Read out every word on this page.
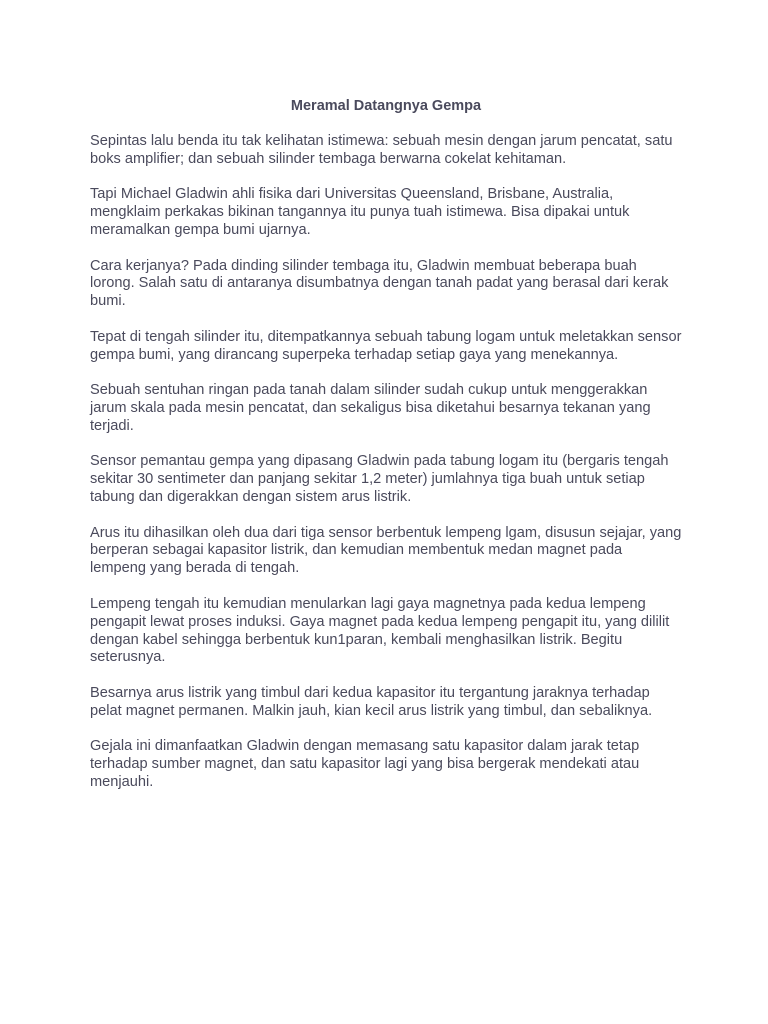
Meramal Datangnya Gempa

Sepintas lalu benda itu tak kelihatan istimewa: sebuah mesin dengan jarum pencatat, satu boks amplifier; dan sebuah silinder tembaga berwarna cokelat kehitaman.

Tapi Michael Gladwin ahli fisika dari Universitas Queensland, Brisbane, Australia, mengklaim perkakas bikinan tangannya itu punya tuah istimewa. Bisa dipakai untuk meramalkan gempa bumi ujarnya.

Cara kerjanya? Pada dinding silinder tembaga itu, Gladwin membuat beberapa buah lorong. Salah satu di antaranya disumbatnya dengan tanah padat yang berasal dari kerak bumi.

Tepat di tengah silinder itu, ditempatkannya sebuah tabung logam untuk meletakkan sensor gempa bumi, yang dirancang superpeka terhadap setiap gaya yang menekannya.

Sebuah sentuhan ringan pada tanah dalam silinder sudah cukup untuk menggerakkan jarum skala pada mesin pencatat, dan sekaligus bisa diketahui besarnya tekanan yang terjadi.

Sensor pemantau gempa yang dipasang Gladwin pada tabung logam itu (bergaris tengah sekitar 30 sentimeter dan panjang sekitar 1,2 meter) jumlahnya tiga buah untuk setiap tabung dan digerakkan dengan sistem arus listrik.

Arus itu dihasilkan oleh dua dari tiga sensor berbentuk lempeng lgam, disusun sejajar, yang berperan sebagai kapasitor listrik, dan kemudian membentuk medan magnet pada lempeng yang berada di tengah.

Lempeng tengah itu kemudian menularkan lagi gaya magnetnya pada kedua lempeng pengapit lewat proses induksi. Gaya magnet pada kedua lempeng pengapit itu, yang dililit dengan kabel sehingga berbentuk kun1paran, kembali menghasilkan listrik. Begitu seterusnya.

Besarnya arus listrik yang timbul dari kedua kapasitor itu tergantung jaraknya terhadap pelat magnet permanen. Malkin jauh, kian kecil arus listrik yang timbul, dan sebaliknya.

Gejala ini dimanfaatkan Gladwin dengan memasang satu kapasitor dalam jarak tetap terhadap sumber magnet, dan satu kapasitor lagi yang bisa bergerak mendekati atau menjauhi.
